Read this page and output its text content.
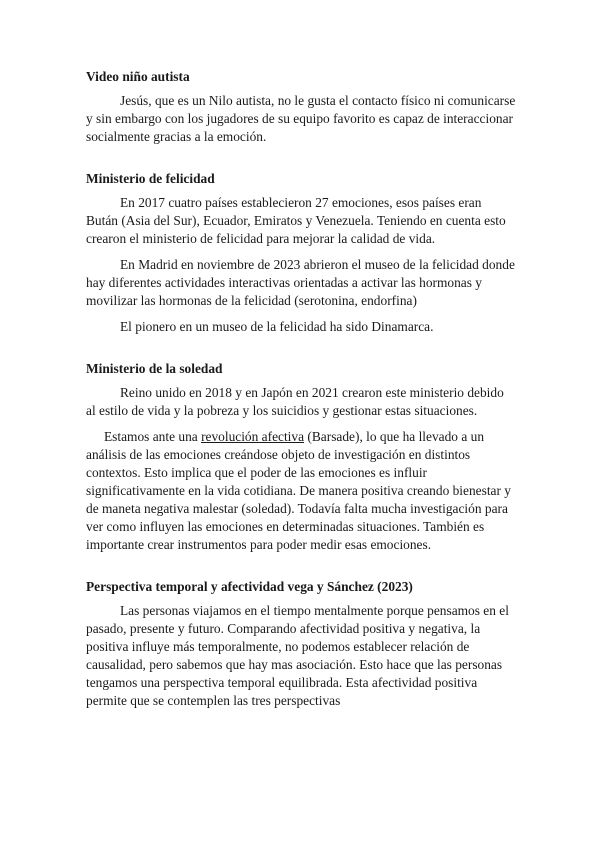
Video niño autista

Jesús, que es un Nilo autista, no le gusta el contacto físico ni comunicarse y sin embargo con los jugadores de su equipo favorito es capaz de interaccionar socialmente gracias a la emoción.

Ministerio de felicidad

En 2017 cuatro países establecieron 27 emociones, esos países eran Bután (Asia del Sur), Ecuador, Emiratos y Venezuela. Teniendo en cuenta esto crearon el ministerio de felicidad para mejorar la calidad de vida.

En Madrid en noviembre de 2023 abrieron el museo de la felicidad donde hay diferentes actividades interactivas orientadas a activar las hormonas y movilizar las hormonas de la felicidad (serotonina, endorfina)

El pionero en un museo de la felicidad ha sido Dinamarca.

Ministerio de la soledad

Reino unido en 2018 y en Japón en 2021 crearon este ministerio debido al estilo de vida y la pobreza y los suicidios y gestionar estas situaciones.

Estamos ante una revolución afectiva (Barsade), lo que ha llevado a un análisis de las emociones creándose objeto de investigación en distintos contextos. Esto implica que el poder de las emociones es influir significativamente en la vida cotidiana. De manera positiva creando bienestar y de maneta negativa malestar (soledad). Todavía falta mucha investigación para ver como influyen las emociones en determinadas situaciones. También es importante crear instrumentos para poder medir esas emociones.

Perspectiva temporal y afectividad vega y Sánchez (2023)

Las personas viajamos en el tiempo mentalmente porque pensamos en el pasado, presente y futuro. Comparando afectividad positiva y negativa, la positiva influye más temporalmente, no podemos establecer relación de causalidad, pero sabemos que hay mas asociación. Esto hace que las personas tengamos una perspectiva temporal equilibrada. Esta afectividad positiva permite que se contemplen las tres perspectivas
